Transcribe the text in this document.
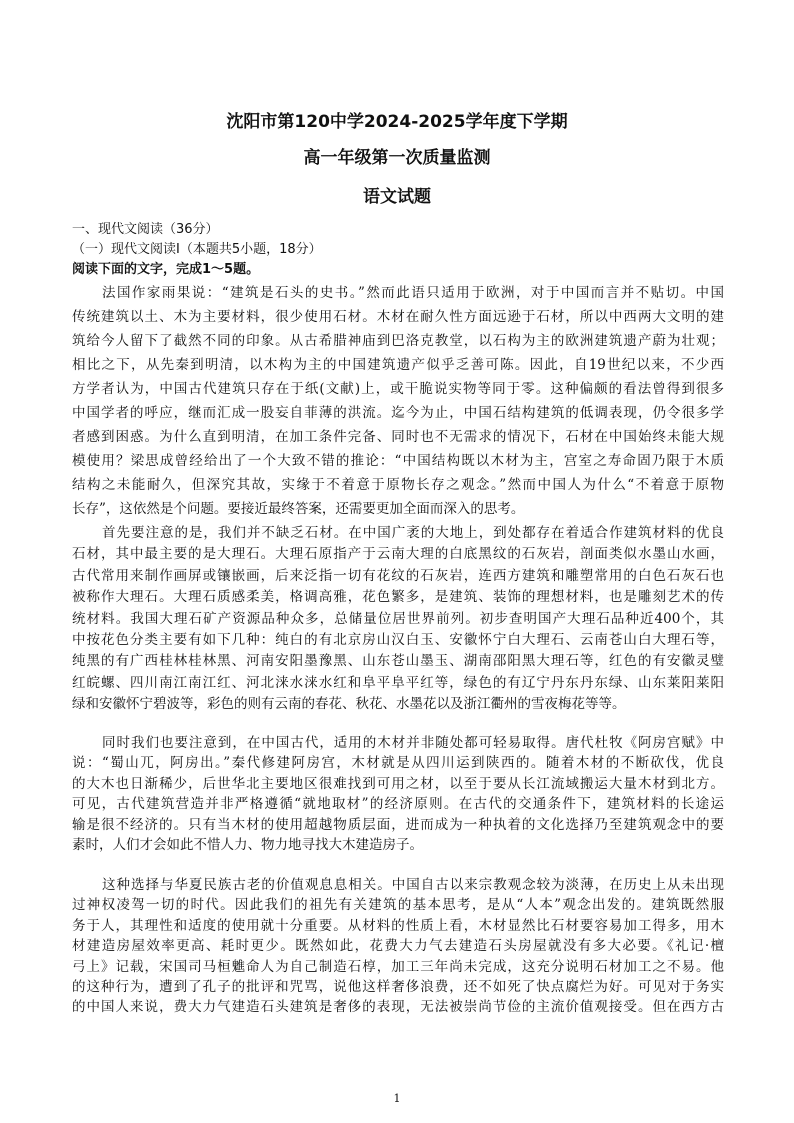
沈阳市第120中学2024-2025学年度下学期
高一年级第一次质量监测
语文试题
一、现代文阅读（36分）
（一）现代文阅读Ⅰ（本题共5小题，18分）
阅读下面的文字，完成1～5题。
法国作家雨果说：“建筑是石头的史书。”然而此语只适用于欧洲，对于中国而言并不贴切。中国
传统建筑以土、木为主要材料，很少使用石材。木材在耐久性方面远逊于石材，所以中西两大文明的建
筑给今人留下了截然不同的印象。从古希腊神庙到巴洛克教堂，以石构为主的欧洲建筑遗产蔚为壮观；
相比之下，从先秦到明清，以木构为主的中国建筑遗产似乎乏善可陈。因此，自19世纪以来，不少西
方学者认为，中国古代建筑只存在于纸(文献)上，或干脆说实物等同于零。这种偏颇的看法曾得到很多
中国学者的呼应，继而汇成一股妄自菲薄的洪流。迄今为止，中国石结构建筑的低调表现，仍令很多学
者感到困惑。为什么直到明清，在加工条件完备、同时也不无需求的情况下，石材在中国始终未能大规
模使用？梁思成曾经给出了一个大致不错的推论：“中国结构既以木材为主，宫室之寿命固乃限于木质
结构之未能耐久，但深究其故，实缘于不着意于原物长存之观念。”然而中国人为什么“不着意于原物
长存”，这依然是个问题。要接近最终答案，还需要更加全面而深入的思考。
首先要注意的是，我们并不缺乏石材。在中国广袤的大地上，到处都存在着适合作建筑材料的优良
石材，其中最主要的是大理石。大理石原指产于云南大理的白底黑纹的石灰岩，剖面类似水墨山水画，
古代常用来制作画屏或镶嵌画，后来泛指一切有花纹的石灰岩，连西方建筑和雕塑常用的白色石灰石也
被称作大理石。大理石质感柔美，格调高雅，花色繁多，是建筑、装饰的理想材料，也是雕刻艺术的传
统材料。我国大理石矿产资源品种众多，总储量位居世界前列。初步查明国产大理石品种近400个，其
中按花色分类主要有如下几种：纯白的有北京房山汉白玉、安徽怀宁白大理石、云南苍山白大理石等，
纯黑的有广西桂林桂林黑、河南安阳墨豫黑、山东苍山墨玉、湖南邵阳黑大理石等，红色的有安徽灵璧
红皖螺、四川南江南江红、河北涞水涞水红和阜平阜平红等，绿色的有辽宁丹东丹东绿、山东莱阳莱阳
绿和安徽怀宁碧波等，彩色的则有云南的春花、秋花、水墨花以及浙江衢州的雪夜梅花等等。
同时我们也要注意到，在中国古代，适用的木材并非随处都可轻易取得。唐代杜牧《阿房宫赋》中
说：“蜀山兀，阿房出。”秦代修建阿房宫，木材就是从四川运到陕西的。随着木材的不断砍伐，优良
的大木也日渐稀少，后世华北主要地区很难找到可用之材，以至于要从长江流域搬运大量木材到北方。
可见，古代建筑营造并非严格遵循“就地取材”的经济原则。在古代的交通条件下，建筑材料的长途运
输是很不经济的。只有当木材的使用超越物质层面，进而成为一种执着的文化选择乃至建筑观念中的要
素时，人们才会如此不惜人力、物力地寻找大木建造房子。
这种选择与华夏民族古老的价值观息息相关。中国自古以来宗教观念较为淡薄，在历史上从未出现
过神权凌驾一切的时代。因此我们的祖先有关建筑的基本思考，是从“人本”观念出发的。建筑既然服
务于人，其理性和适度的使用就十分重要。从材料的性质上看，木材显然比石材要容易加工得多，用木
材建造房屋效率更高、耗时更少。既然如此，花费大力气去建造石头房屋就没有多大必要。《礼记·檀
弓上》记载，宋国司马桓魋命人为自己制造石椁，加工三年尚未完成，这充分说明石材加工之不易。他
的这种行为，遭到了孔子的批评和咒骂，说他这样奢侈浪费，还不如死了快点腐烂为好。可见对于务实
的中国人来说，费大力气建造石头建筑是奢侈的表现，无法被崇尚节俭的主流价值观接受。但在西方古
1
